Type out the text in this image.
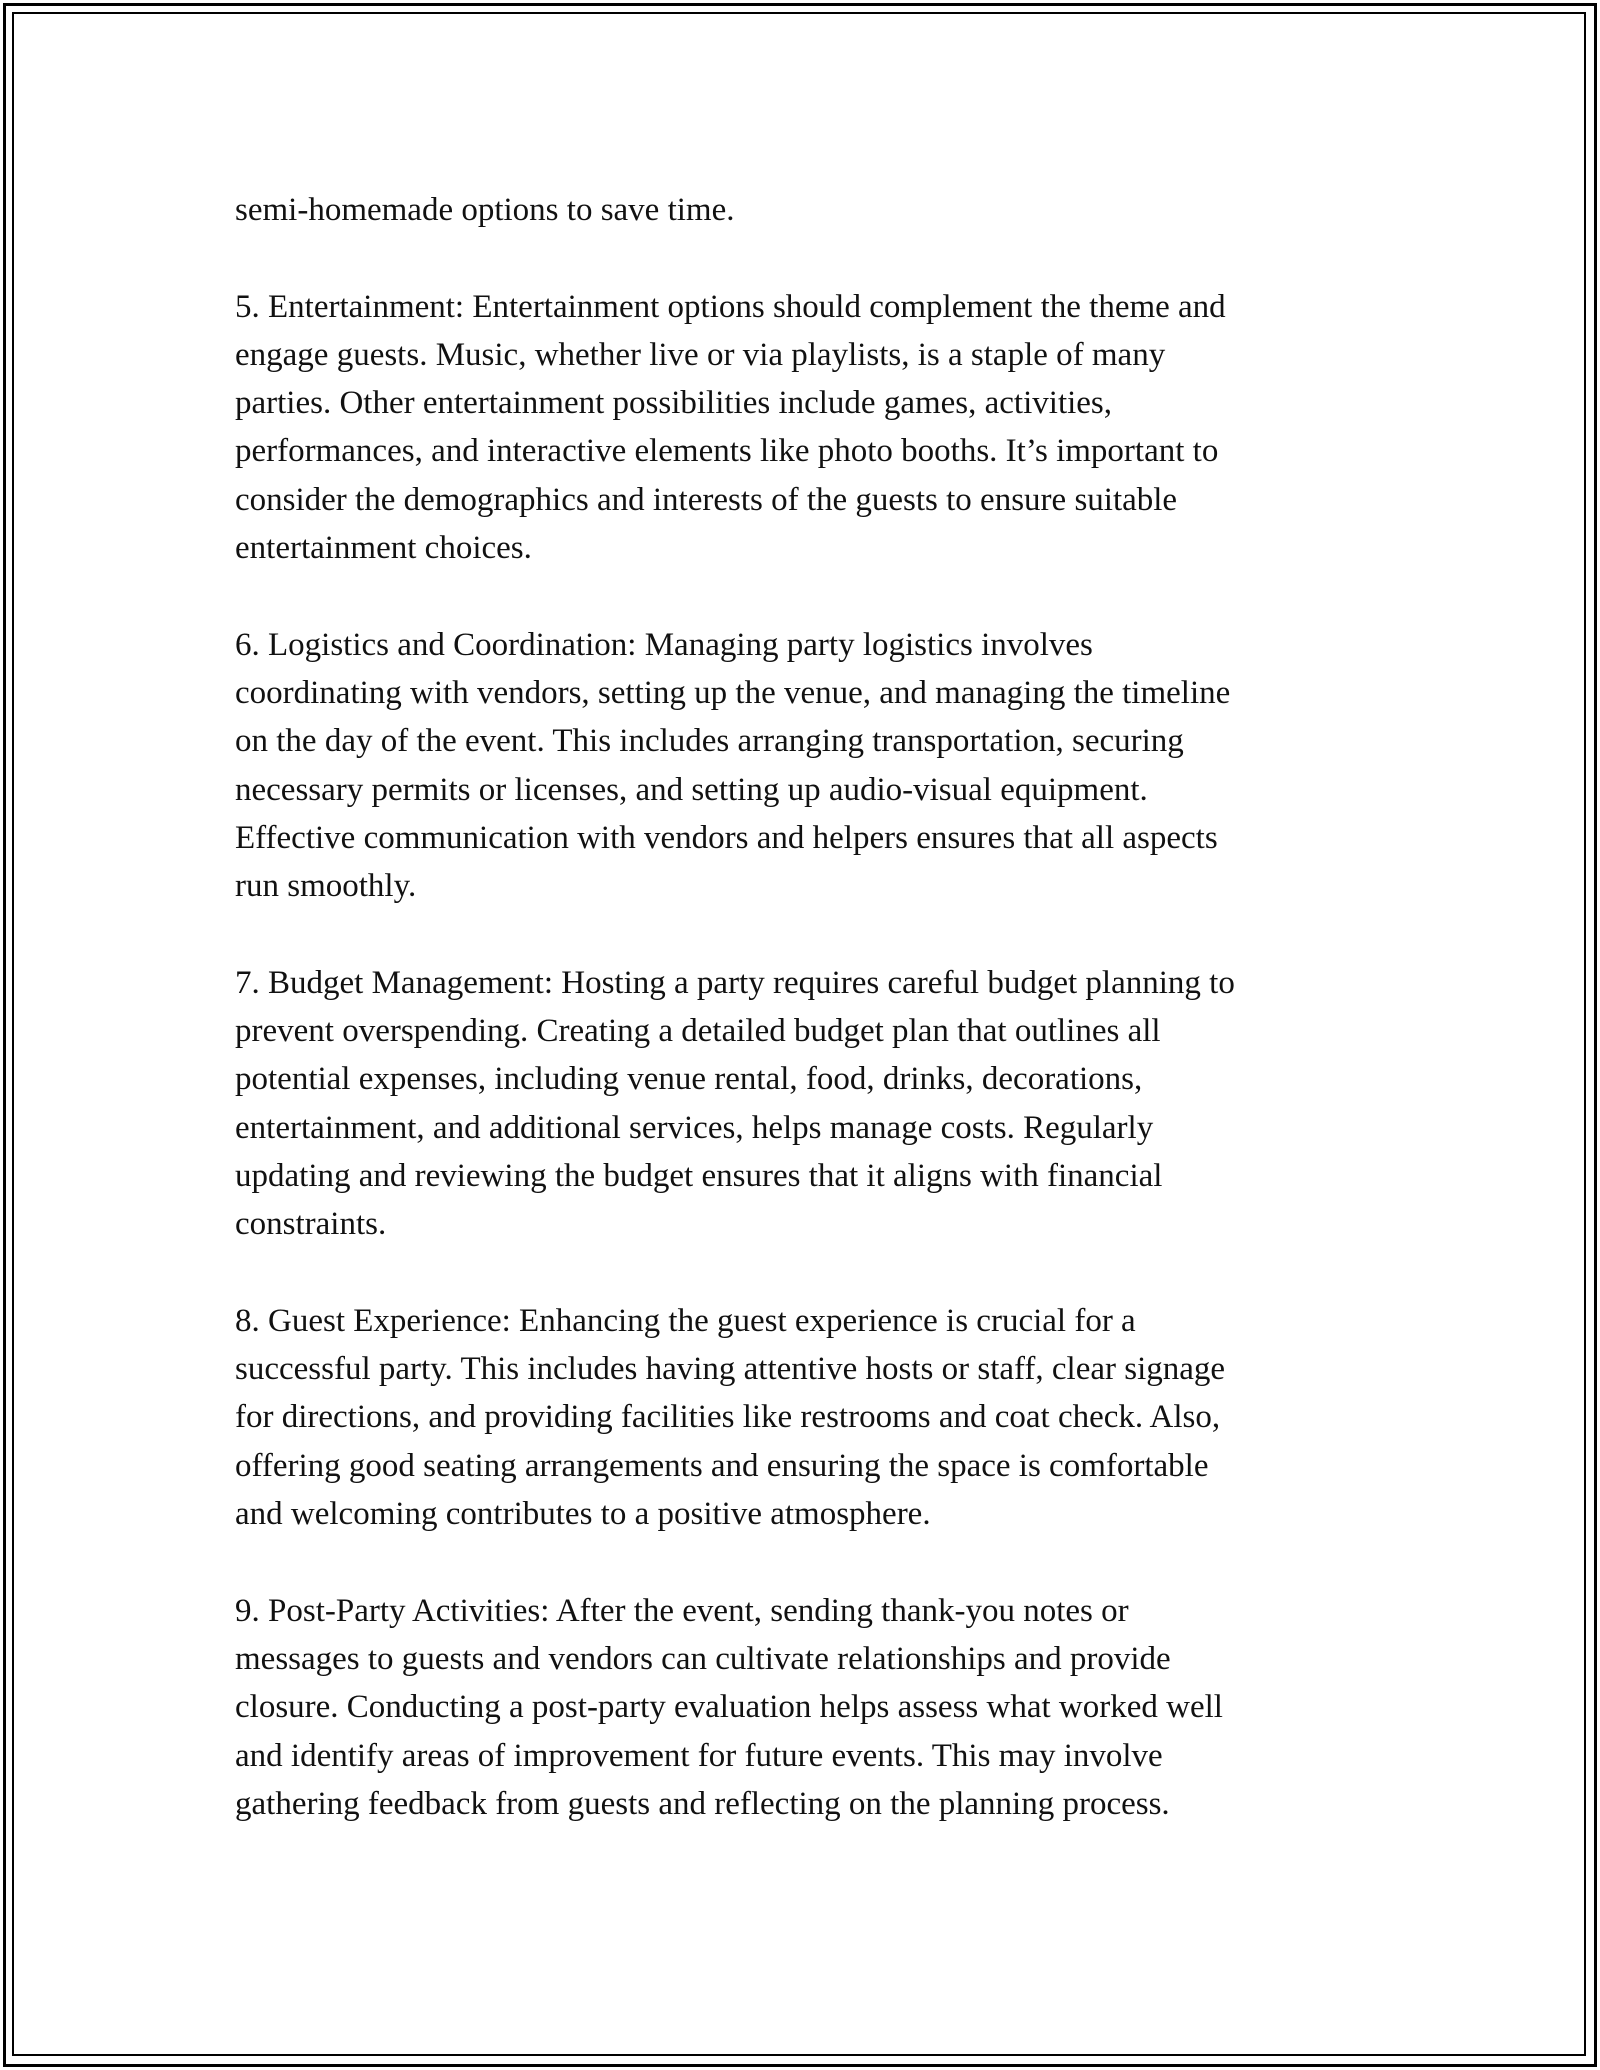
semi-homemade options to save time.

5. Entertainment: Entertainment options should complement the theme and
engage guests. Music, whether live or via playlists, is a staple of many
parties. Other entertainment possibilities include games, activities,
performances, and interactive elements like photo booths. It’s important to
consider the demographics and interests of the guests to ensure suitable
entertainment choices.

6. Logistics and Coordination: Managing party logistics involves
coordinating with vendors, setting up the venue, and managing the timeline
on the day of the event. This includes arranging transportation, securing
necessary permits or licenses, and setting up audio-visual equipment.
Effective communication with vendors and helpers ensures that all aspects
run smoothly.

7. Budget Management: Hosting a party requires careful budget planning to
prevent overspending. Creating a detailed budget plan that outlines all
potential expenses, including venue rental, food, drinks, decorations,
entertainment, and additional services, helps manage costs. Regularly
updating and reviewing the budget ensures that it aligns with financial
constraints.

8. Guest Experience: Enhancing the guest experience is crucial for a
successful party. This includes having attentive hosts or staff, clear signage
for directions, and providing facilities like restrooms and coat check. Also,
offering good seating arrangements and ensuring the space is comfortable
and welcoming contributes to a positive atmosphere.

9. Post-Party Activities: After the event, sending thank-you notes or
messages to guests and vendors can cultivate relationships and provide
closure. Conducting a post-party evaluation helps assess what worked well
and identify areas of improvement for future events. This may involve
gathering feedback from guests and reflecting on the planning process.
